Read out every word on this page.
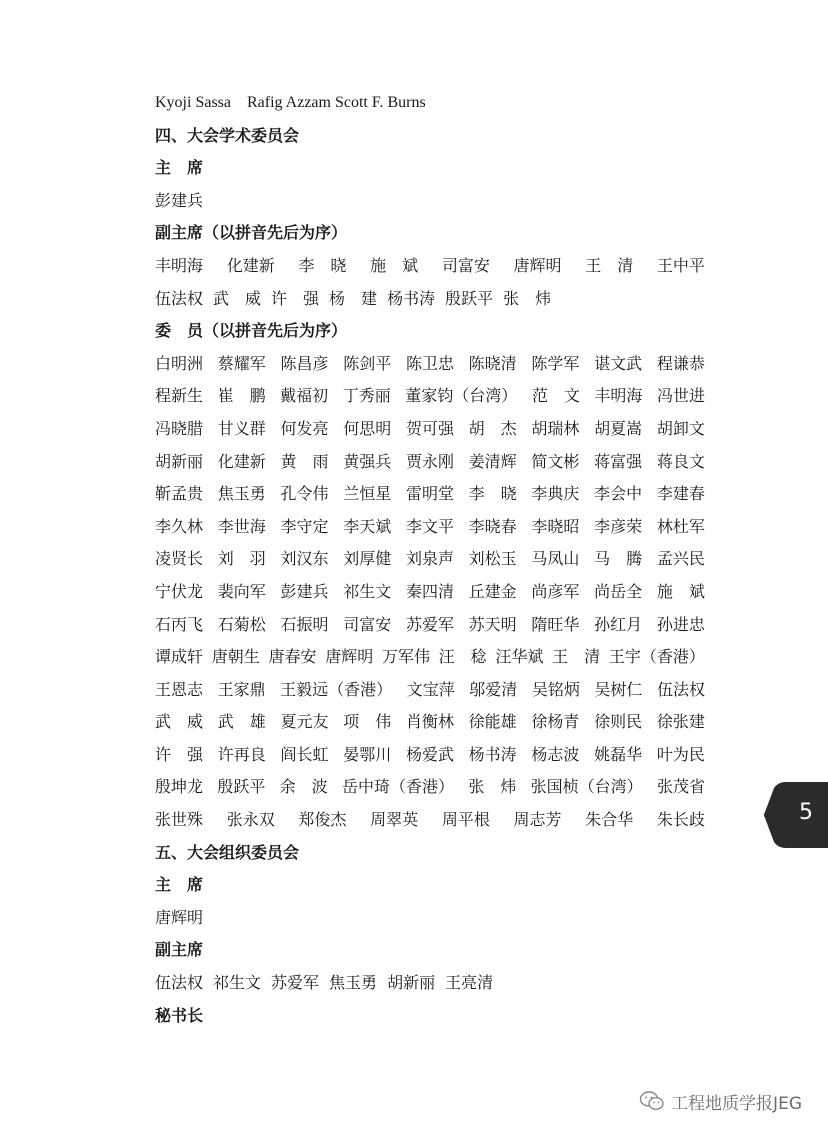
Kyoji Sassa    Rafig Azzam Scott F. Burns
四、大会学术委员会
主　席
彭建兵
副主席（以拼音先后为序）
丰明海 化建新 李　晓 施　斌 司富安 唐辉明 王　清 王中平
伍法权 武　威 许　强 杨　建 杨书涛 殷跃平 张　炜
委　员（以拼音先后为序）
白明洲 蔡耀军 陈昌彦 陈剑平 陈卫忠 陈晓清 陈学军 谌文武 程谦恭
程新生 崔　鹏 戴福初 丁秀丽 董家钧（台湾） 范　文 丰明海 冯世进
冯晓腊 甘义群 何发亮 何思明 贺可强 胡　杰 胡瑞林 胡夏嵩 胡卸文
胡新丽 化建新 黄　雨 黄强兵 贾永刚 姜清辉 简文彬 蒋富强 蒋良文
靳孟贵 焦玉勇 孔令伟 兰恒星 雷明堂 李　晓 李典庆 李会中 李建春
李久林 李世海 李守定 李天斌 李文平 李晓春 李晓昭 李彦荣 林杜军
凌贤长 刘　羽 刘汉东 刘厚健 刘泉声 刘松玉 马凤山 马　腾 孟兴民
宁伏龙 裴向军 彭建兵 祁生文 秦四清 丘建金 尚彦军 尚岳全 施　斌
石丙飞 石菊松 石振明 司富安 苏爱军 苏天明 隋旺华 孙红月 孙进忠
谭成轩 唐朝生 唐春安 唐辉明 万军伟 汪　稔 汪华斌 王　清 王宇（香港）
王恩志 王家鼎 王毅远（香港） 文宝萍 邬爱清 吴铭炳 吴树仁 伍法权
武　威 武　雄 夏元友 项　伟 肖衡林 徐能雄 徐杨青 徐则民 徐张建
许　强 许再良 阎长虹 晏鄂川 杨爱武 杨书涛 杨志波 姚磊华 叶为民
殷坤龙 殷跃平 余　波 岳中琦（香港） 张　炜 张国桢（台湾） 张茂省
张世殊 张永双 郑俊杰 周翠英 周平根 周志芳 朱合华 朱长歧
五、大会组织委员会
主　席
唐辉明
副主席
伍法权 祁生文 苏爱军 焦玉勇 胡新丽 王亮清
秘书长
5
工程地质学报JEG
